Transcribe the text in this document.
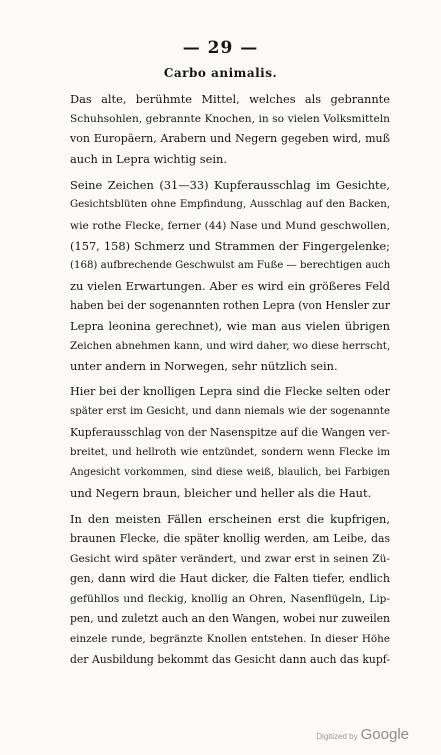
— 29 —
Carbo animalis.

Das alte, berühmte Mittel, welches als gebrannte
Schuhsohlen, gebrannte Knochen, in so vielen Volksmitteln
von Europäern, Arabern und Negern gegeben wird, muß
auch in Lepra wichtig sein.

Seine Zeichen (31—33) Kupferausschlag im Gesichte,
Gesichtsblüten ohne Empfindung, Ausschlag auf den Backen,
wie rothe Flecke, ferner (44) Nase und Mund geschwollen,
(157, 158) Schmerz und Strammen der Fingergelenke;
(168) aufbrechende Geschwulst am Fuße — berechtigen auch
zu vielen Erwartungen. Aber es wird ein größeres Feld
haben bei der sogenannten rothen Lepra (von Hensler zur
Lepra leonina gerechnet), wie man aus vielen übrigen
Zeichen abnehmen kann, und wird daher, wo diese herrscht,
unter andern in Norwegen, sehr nützlich sein.

Hier bei der knolligen Lepra sind die Flecke selten oder
später erst im Gesicht, und dann niemals wie der sogenannte
Kupferausschlag von der Nasenspitze auf die Wangen ver-
breitet, und hellroth wie entzündet, sondern wenn Flecke im
Angesicht vorkommen, sind diese weiß, blaulich, bei Farbigen
und Negern braun, bleicher und heller als die Haut.

In den meisten Fällen erscheinen erst die kupfrigen,
braunen Flecke, die später knollig werden, am Leibe, das
Gesicht wird später verändert, und zwar erst in seinen Zü-
gen, dann wird die Haut dicker, die Falten tiefer, endlich
gefühllos und fleckig, knollig an Ohren, Nasenflügeln, Lip-
pen, und zuletzt auch an den Wangen, wobei nur zuweilen
einzele runde, begränzte Knollen entstehen. In dieser Höhe
der Ausbildung bekommt das Gesicht dann auch das kupf-

Digitized by Google
